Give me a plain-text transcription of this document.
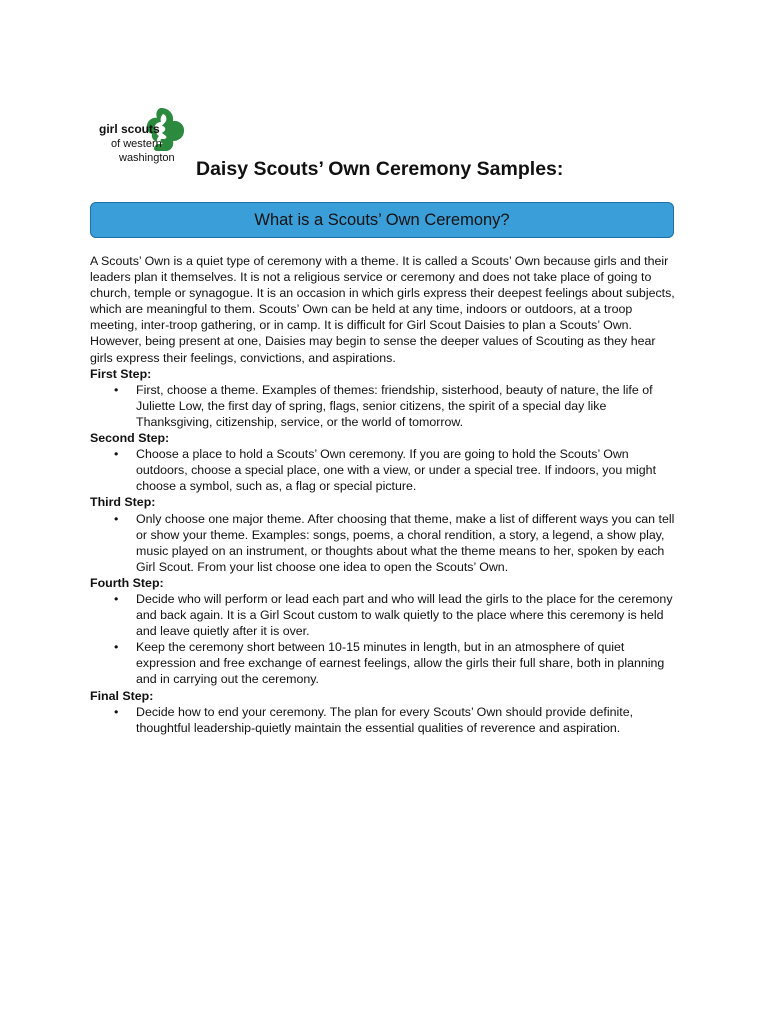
girl scouts
of western
washington Daisy Scouts’ Own Ceremony Samples:
What is a Scouts’ Own Ceremony?

A Scouts’ Own is a quiet type of ceremony with a theme. It is called a Scouts’ Own because girls and their leaders plan it themselves. It is not a religious service or ceremony and does not take place of going to church, temple or synagogue. It is an occasion in which girls express their deepest feelings about subjects, which are meaningful to them. Scouts’ Own can be held at any time, indoors or outdoors, at a troop meeting, inter-troop gathering, or in camp. It is difficult for Girl Scout Daisies to plan a Scouts’ Own. However, being present at one, Daisies may begin to sense the deeper values of Scouting as they hear girls express their feelings, convictions, and aspirations.

First Step:

• First, choose a theme. Examples of themes: friendship, sisterhood, beauty of nature, the life of Juliette Low, the first day of spring, flags, senior citizens, the spirit of a special day like Thanksgiving, citizenship, service, or the world of tomorrow.

Second Step:

• Choose a place to hold a Scouts’ Own ceremony. If you are going to hold the Scouts’ Own outdoors, choose a special place, one with a view, or under a special tree. If indoors, you might choose a symbol, such as, a flag or special picture.

Third Step:

• Only choose one major theme. After choosing that theme, make a list of different ways you can tell or show your theme. Examples: songs, poems, a choral rendition, a story, a legend, a show play, music played on an instrument, or thoughts about what the theme means to her, spoken by each Girl Scout. From your list choose one idea to open the Scouts’ Own.

Fourth Step:

• Decide who will perform or lead each part and who will lead the girls to the place for the ceremony and back again. It is a Girl Scout custom to walk quietly to the place where this ceremony is held and leave quietly after it is over.
• Keep the ceremony short between 10-15 minutes in length, but in an atmosphere of quiet expression and free exchange of earnest feelings, allow the girls their full share, both in planning and in carrying out the ceremony.

Final Step:

• Decide how to end your ceremony. The plan for every Scouts’ Own should provide definite, thoughtful leadership-quietly maintain the essential qualities of reverence and aspiration.
